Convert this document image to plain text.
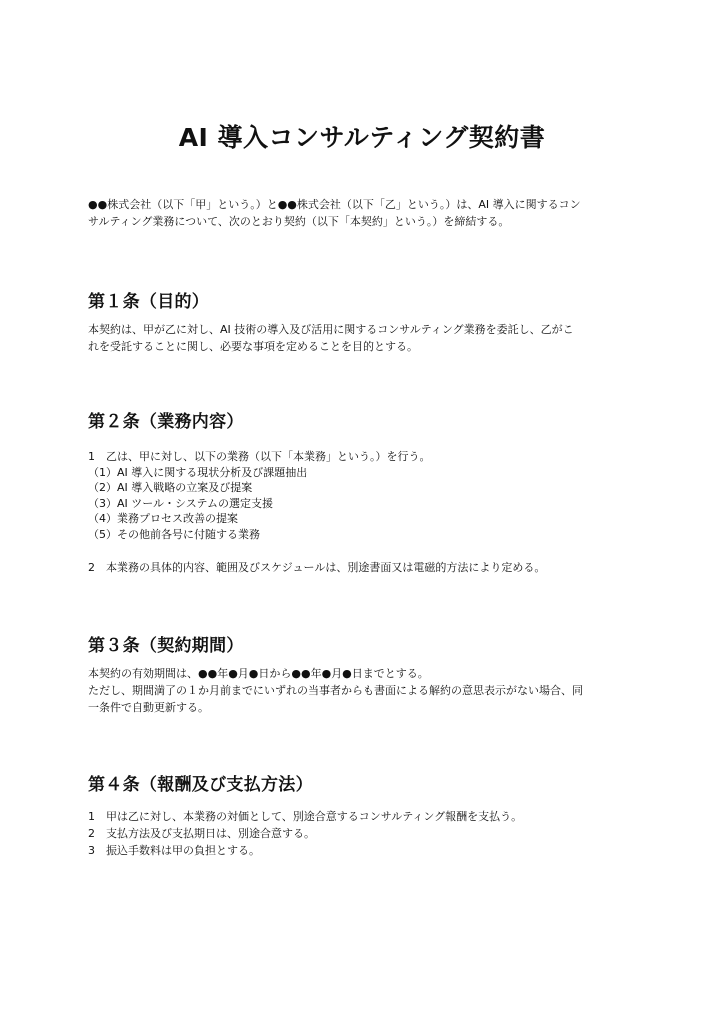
AI 導入コンサルティング契約書
●●株式会社（以下「甲」という。）と●●株式会社（以下「乙」という。）は、AI 導入に関するコン
サルティング業務について、次のとおり契約（以下「本契約」という。）を締結する。
第１条（目的）
本契約は、甲が乙に対し、AI 技術の導入及び活用に関するコンサルティング業務を委託し、乙がこ
れを受託することに関し、必要な事項を定めることを目的とする。
第２条（業務内容）
1　乙は、甲に対し、以下の業務（以下「本業務」という。）を行う。
（1）AI 導入に関する現状分析及び課題抽出
（2）AI 導入戦略の立案及び提案
（3）AI ツール・システムの選定支援
（4）業務プロセス改善の提案
（5）その他前各号に付随する業務
2　本業務の具体的内容、範囲及びスケジュールは、別途書面又は電磁的方法により定める。
第３条（契約期間）
本契約の有効期間は、●●年●月●日から●●年●月●日までとする。
ただし、期間満了の１か月前までにいずれの当事者からも書面による解約の意思表示がない場合、同
一条件で自動更新する。
第４条（報酬及び支払方法）
1　甲は乙に対し、本業務の対価として、別途合意するコンサルティング報酬を支払う。
2　支払方法及び支払期日は、別途合意する。
3　振込手数料は甲の負担とする。
